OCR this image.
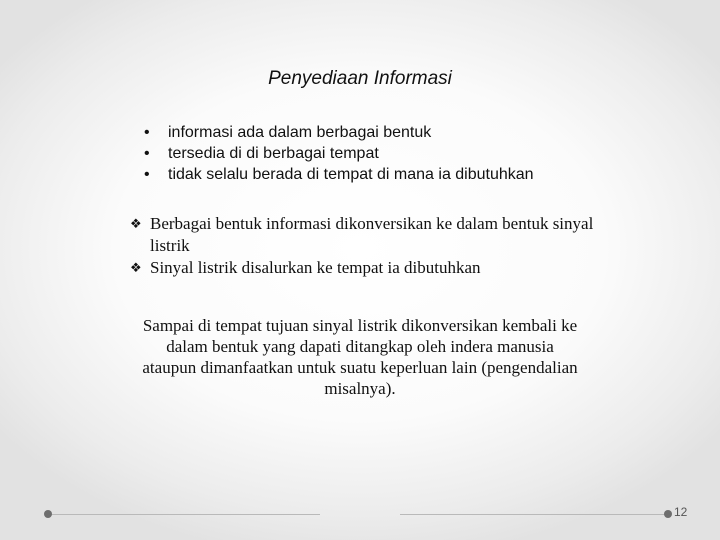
Penyediaan Informasi
•	informasi ada dalam berbagai bentuk
•	tersedia di di berbagai tempat
•	tidak selalu berada di tempat di mana ia dibutuhkan
❖ Berbagai bentuk informasi dikonversikan ke dalam bentuk sinyal listrik
❖ Sinyal listrik disalurkan ke tempat ia dibutuhkan
Sampai di tempat tujuan sinyal listrik dikonversikan kembali ke dalam bentuk yang dapati ditangkap oleh indera manusia ataupun dimanfaatkan untuk suatu keperluan lain (pengendalian misalnya).
12
